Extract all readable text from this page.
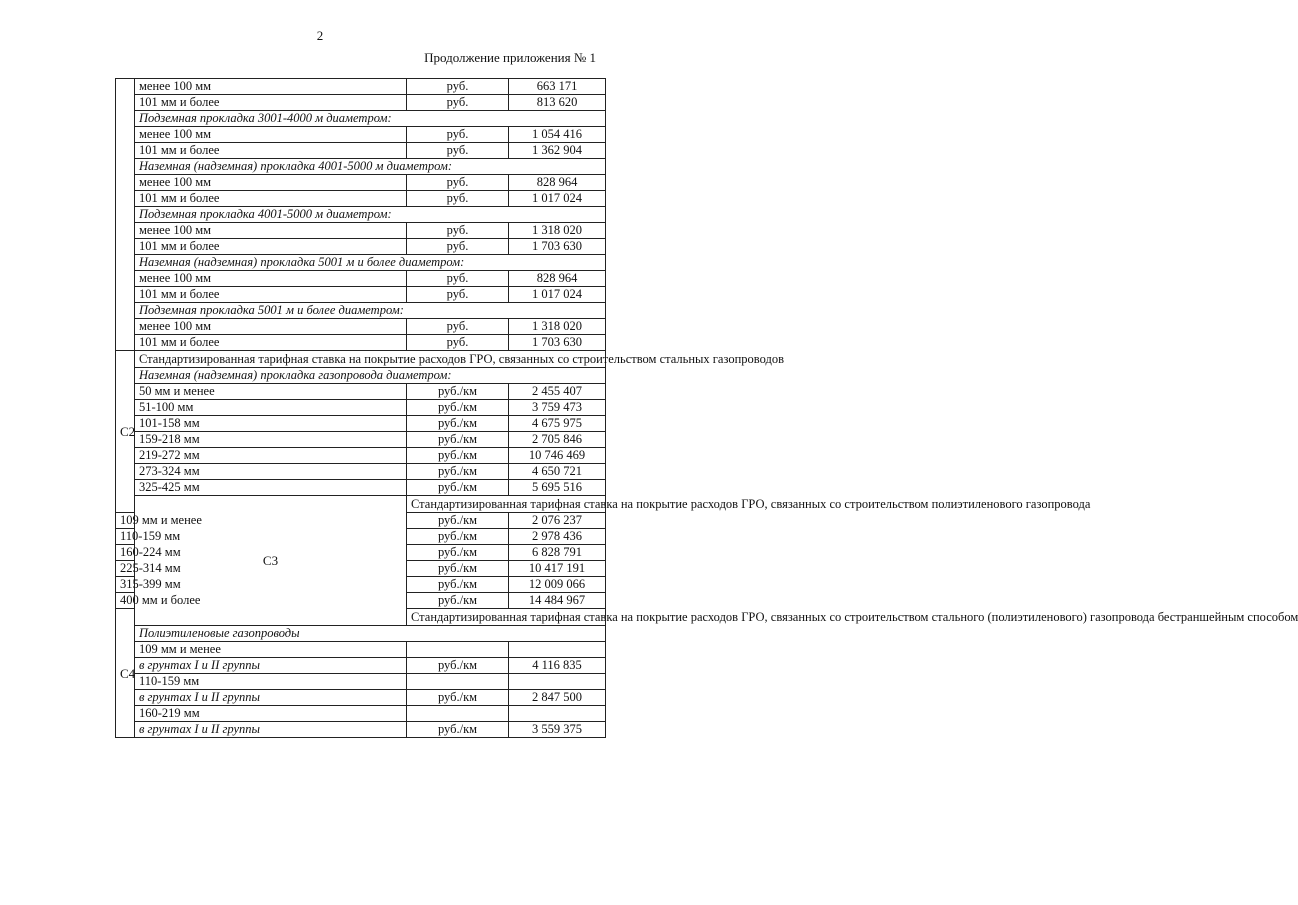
2
Продолжение приложения № 1
	менее 100 мм	руб.	663 171
	101 мм и более	руб.	813 620
	Подземная прокладка 3001-4000 м диаметром:		
	менее 100 мм	руб.	1 054 416
	101 мм и более	руб.	1 362 904
	Наземная (надземная) прокладка 4001-5000 м диаметром:		
	менее 100 мм	руб.	828 964
	101 мм и более	руб.	1 017 024
	Подземная прокладка 4001-5000 м диаметром:		
	менее 100 мм	руб.	1 318 020
	101 мм и более	руб.	1 703 630
	Наземная (надземная) прокладка 5001 м и более диаметром:		
	менее 100 мм	руб.	828 964
	101 мм и более	руб.	1 017 024
	Подземная прокладка 5001 м и более диаметром:		
	менее 100 мм	руб.	1 318 020
	101 мм и более	руб.	1 703 630
С2	Стандартизированная тарифная ставка на покрытие расходов ГРО, связанных со строительством стальных газопроводов		
	Наземная (надземная) прокладка газопровода диаметром:		
	50 мм и менее	руб./км	2 455 407
	51-100 мм	руб./км	3 759 473
	101-158 мм	руб./км	4 675 975
	159-218 мм	руб./км	2 705 846
	219-272 мм	руб./км	10 746 469
	273-324 мм	руб./км	4 650 721
	325-425 мм	руб./км	5 695 516
	С3	Стандартизированная тарифная ставка на покрытие расходов ГРО, связанных со строительством полиэтиленового газопровода	
109 мм и менее		руб./км	2 076 237
110-159 мм		руб./км	2 978 436
160-224 мм		руб./км	6 828 791
225-314 мм		руб./км	10 417 191
315-399 мм		руб./км	12 009 066
400 мм и более		руб./км	14 484 967
С4		Стандартизированная тарифная ставка на покрытие расходов ГРО, связанных со строительством стального (полиэтиленового) газопровода бестраншейным способом	
	Полиэтиленовые газопроводы		
	109 мм и менее		
	в грунтах I и II группы	руб./км	4 116 835
	110-159 мм		
	в грунтах I и II группы	руб./км	2 847 500
	160-219 мм		
	в грунтах I и II группы	руб./км	3 559 375
